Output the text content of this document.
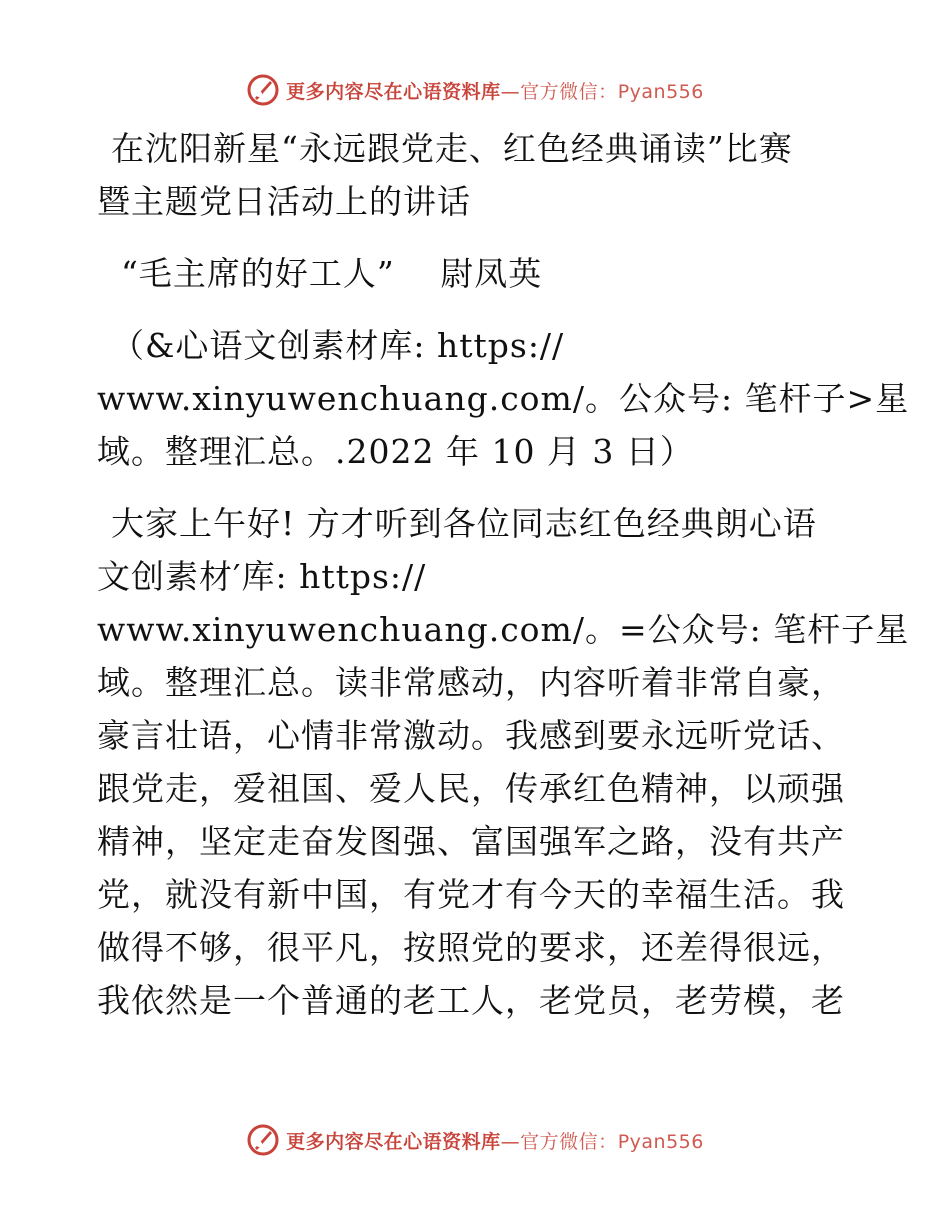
更多内容尽在心语资料库—官方微信：Pyan556
在沈阳新星“永远跟党走、红色经典诵读”比赛
暨主题党日活动上的讲话
“毛主席的好工人”　 尉凤英
（&心语文创素材库: https://
www.xinyuwenchuang.com/。公众号: 笔杆子>星
域。整理汇总。.2022 年 10 月 3 日）
大家上午好! 方才听到各位同志红色经典朗心语
文创素材′库: https://
www.xinyuwenchuang.com/。=公众号: 笔杆子星
域。整理汇总。读非常感动，内容听着非常自豪，
豪言壮语，心情非常激动。我感到要永远听党话、
跟党走，爱祖国、爱人民，传承红色精神，以顽强
精神，坚定走奋发图强、富国强军之路，没有共产
党，就没有新中国，有党才有今天的幸福生活。我
做得不够，很平凡，按照党的要求，还差得很远，
我依然是一个普通的老工人，老党员，老劳模，老
更多内容尽在心语资料库—官方微信：Pyan556
